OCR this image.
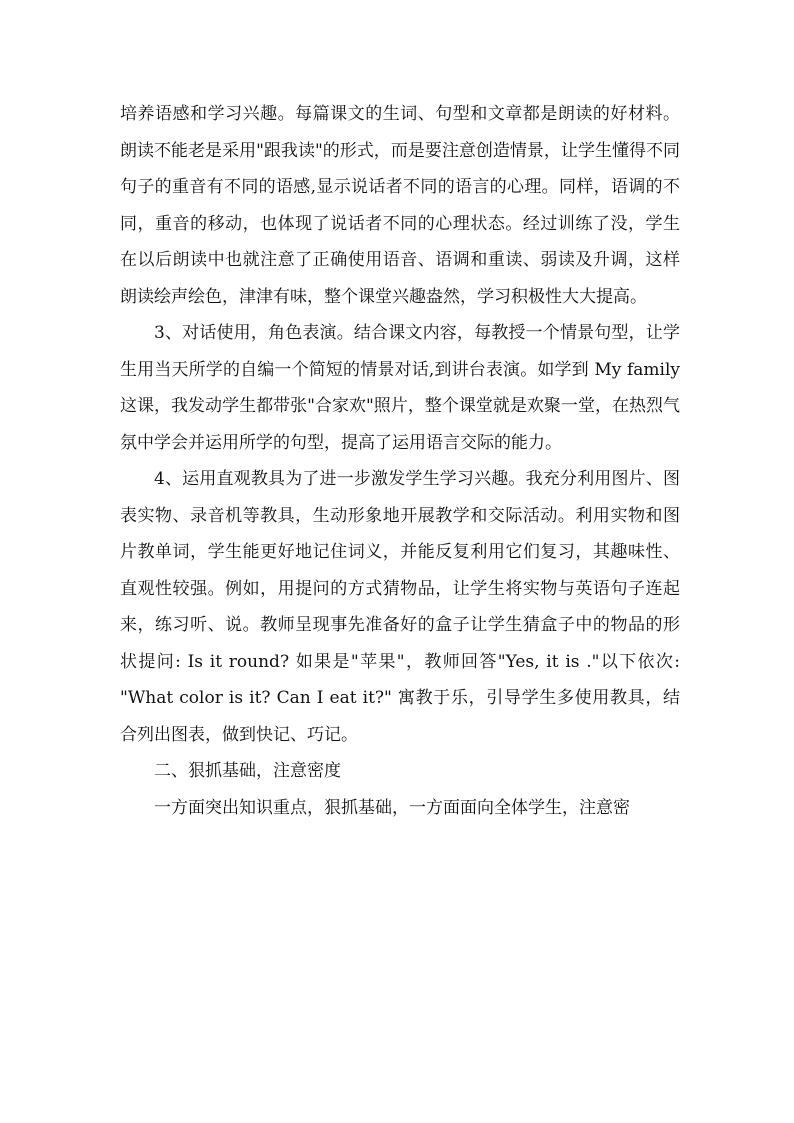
培养语感和学习兴趣。每篇课文的生词、句型和文章都是朗读的好材料。朗读不能老是采用"跟我读"的形式，而是要注意创造情景，让学生懂得不同句子的重音有不同的语感,显示说话者不同的语言的心理。同样，语调的不同，重音的移动，也体现了说话者不同的心理状态。经过训练了没，学生在以后朗读中也就注意了正确使用语音、语调和重读、弱读及升调，这样朗读绘声绘色，津津有味，整个课堂兴趣盎然，学习积极性大大提高。

3、对话使用，角色表演。结合课文内容，每教授一个情景句型，让学生用当天所学的自编一个简短的情景对话,到讲台表演。如学到 My family 这课，我发动学生都带张"合家欢"照片，整个课堂就是欢聚一堂，在热烈气氛中学会并运用所学的句型，提高了运用语言交际的能力。

4、运用直观教具为了进一步激发学生学习兴趣。我充分利用图片、图表实物、录音机等教具，生动形象地开展教学和交际活动。利用实物和图片教单词，学生能更好地记住词义，并能反复利用它们复习，其趣味性、直观性较强。例如，用提问的方式猜物品，让学生将实物与英语句子连起来，练习听、说。教师呈现事先准备好的盒子让学生猜盒子中的物品的形状提问: Is it round? 如果是"苹果"，教师回答"Yes, it is ."以下依次: "What color is it? Can I eat it?" 寓教于乐，引导学生多使用教具，结合列出图表，做到快记、巧记。

二、狠抓基础，注意密度

一方面突出知识重点，狠抓基础，一方面面向全体学生，注意密
